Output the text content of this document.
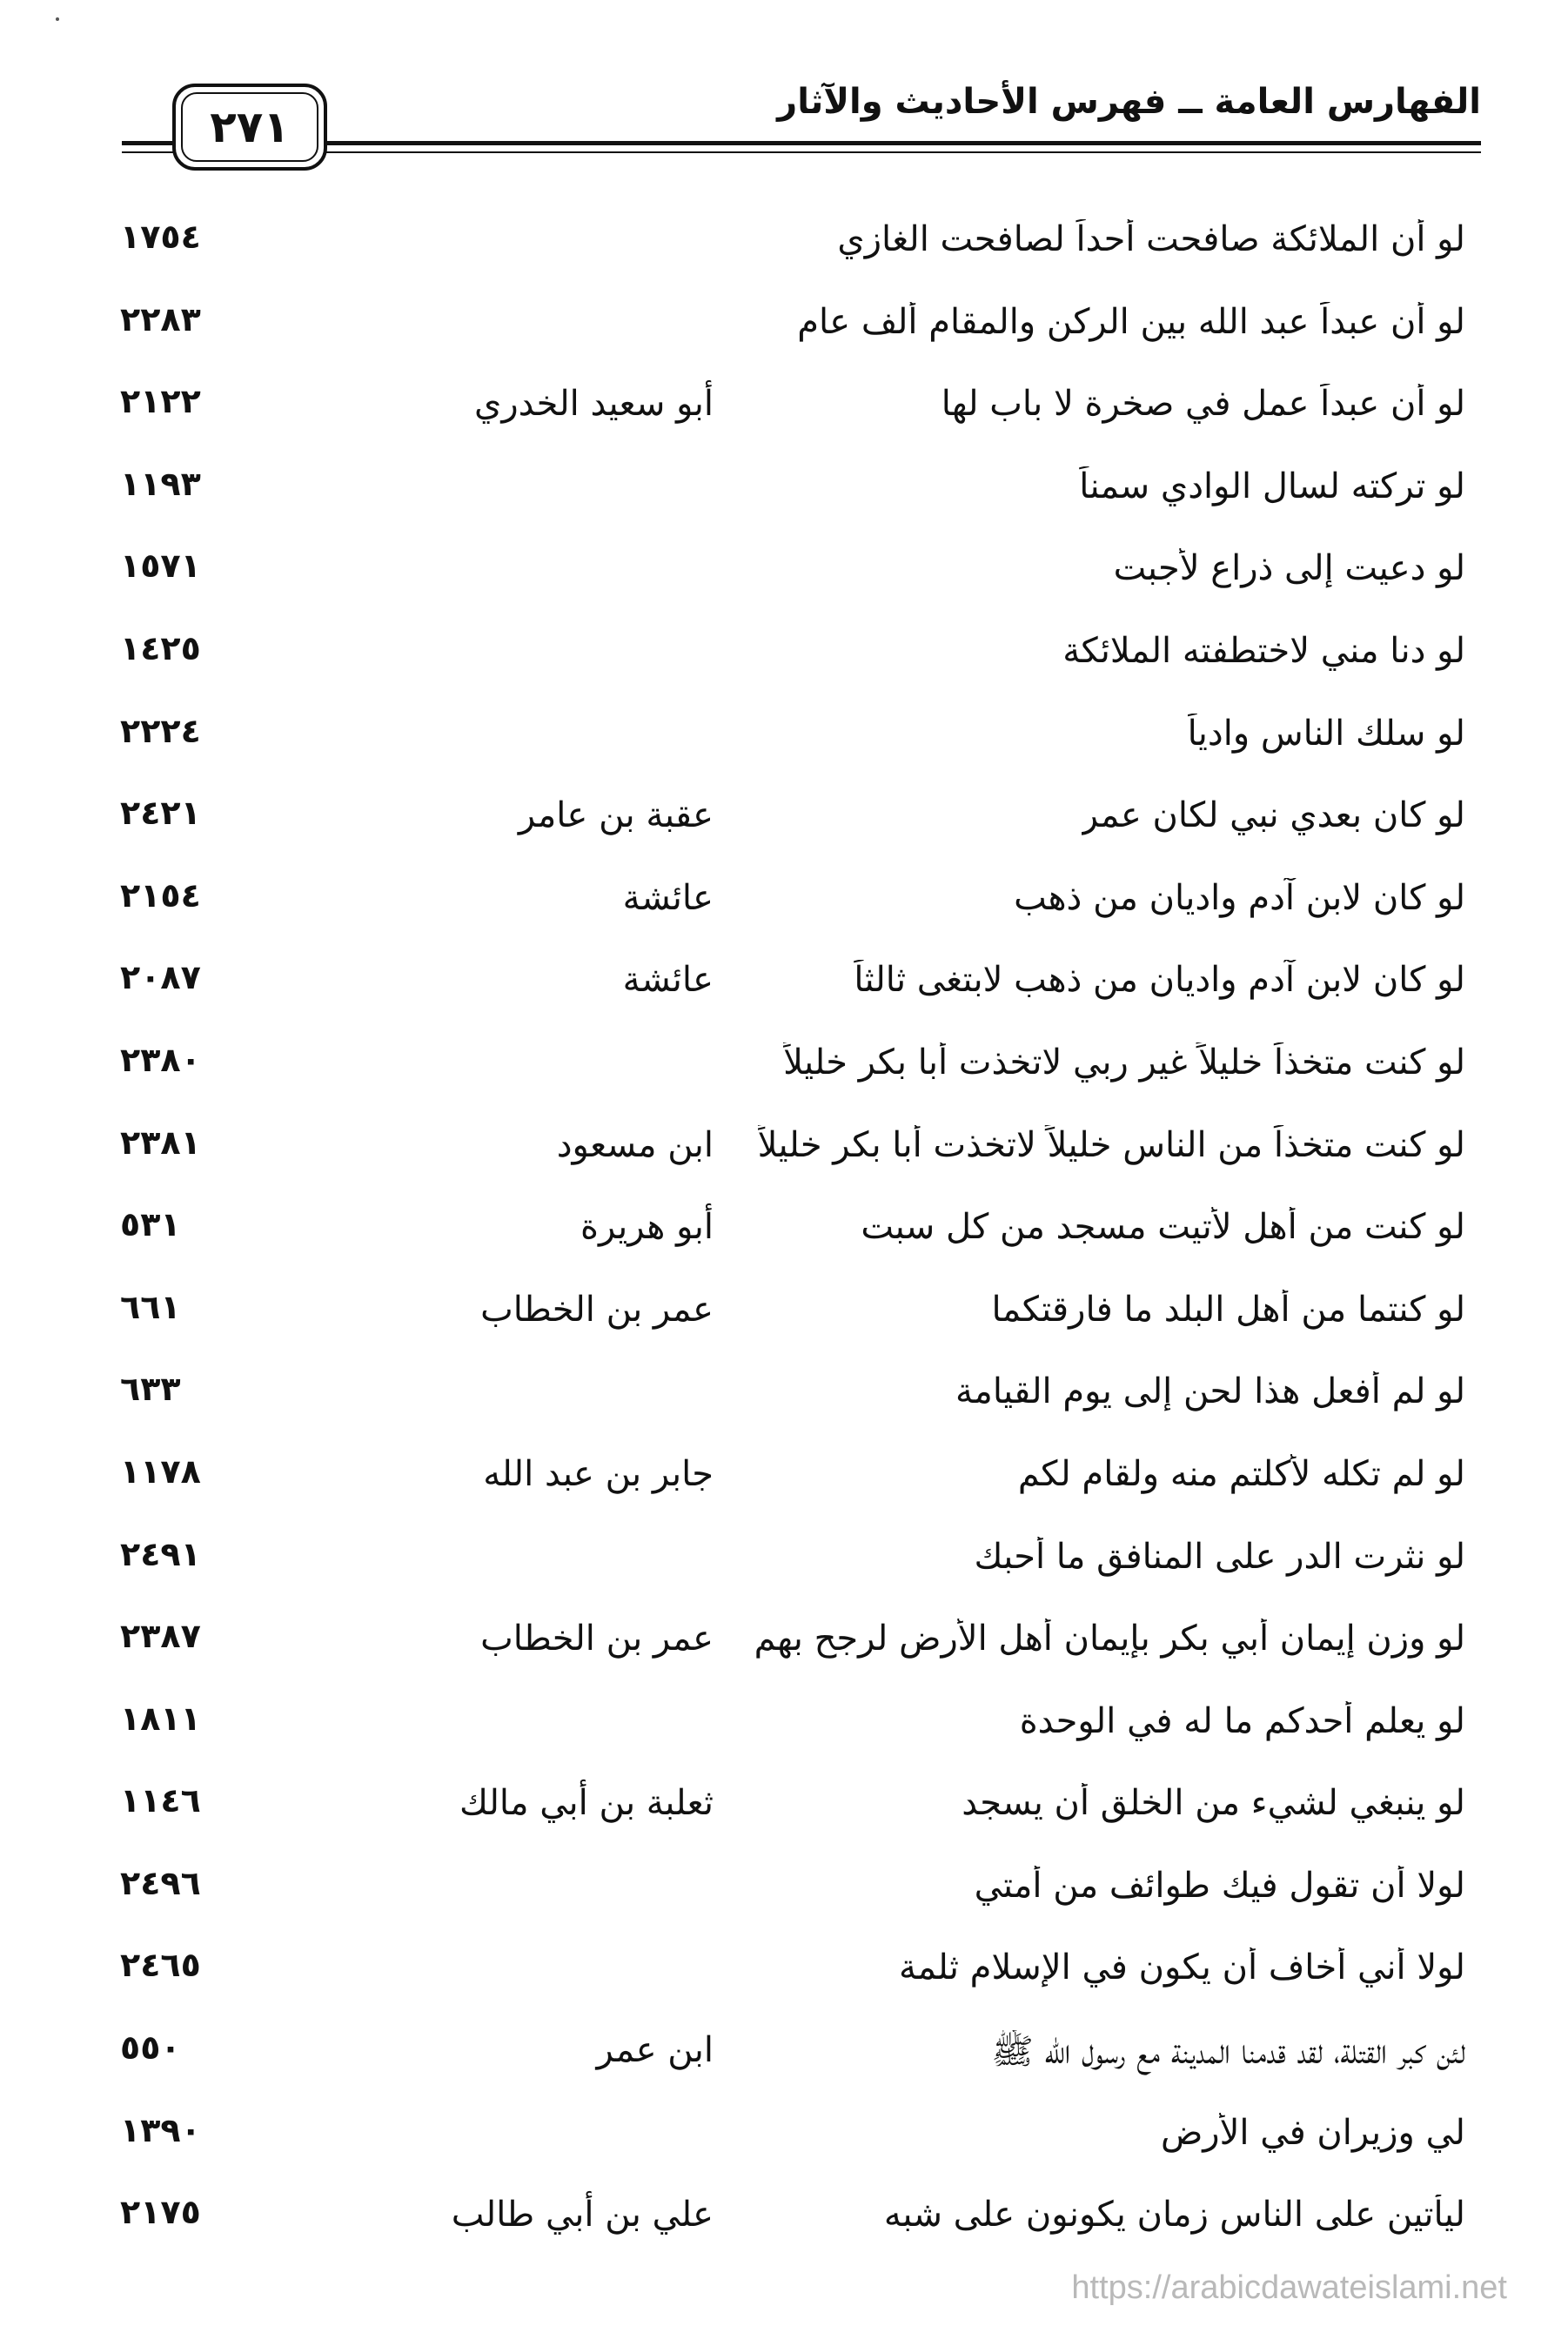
٢٧١	الفهارس العامة ــ فهرس الأحاديث والآثار
لو أن الملائكة صافحت أحداً لصافحت الغازي
١٧٥٤
لو أن عبداً عبد الله بين الركن والمقام ألف عام
٢٢٨٣
لو أن عبداً عمل في صخرة لا باب لها
أبو سعيد الخدري
٢١٢٢
لو تركته لسال الوادي سمناً
١١٩٣
لو دعيت إلى ذراع لأجبت
١٥٧١
لو دنا مني لاختطفته الملائكة
١٤٢٥
لو سلك الناس وادياً
٢٢٢٤
لو كان بعدي نبي لكان عمر
عقبة بن عامر
٢٤٢١
لو كان لابن آدم واديان من ذهب
عائشة
٢١٥٤
لو كان لابن آدم واديان من ذهب لابتغى ثالثاً
عائشة
٢٠٨٧
لو كنت متخذاً خليلاً غير ربي لاتخذت أبا بكر خليلاً
٢٣٨٠
لو كنت متخذاً من الناس خليلاً لاتخذت أبا بكر خليلاً
ابن مسعود
٢٣٨١
لو كنت من أهل لأتيت مسجد من كل سبت
أبو هريرة
٥٣١
لو كنتما من أهل البلد ما فارقتكما
عمر بن الخطاب
٦٦١
لو لم أفعل هذا لحن إلى يوم القيامة
٦٣٣
لو لم تكله لأكلتم منه ولقام لكم
جابر بن عبد الله
١١٧٨
لو نثرت الدر على المنافق ما أحبك
٢٤٩١
لو وزن إيمان أبي بكر بإيمان أهل الأرض لرجح بهم
عمر بن الخطاب
٢٣٨٧
لو يعلم أحدكم ما له في الوحدة
١٨١١
لو ينبغي لشيء من الخلق أن يسجد
ثعلبة بن أبي مالك
١١٤٦
لولا أن تقول فيك طوائف من أمتي
٢٤٩٦
لولا أني أخاف أن يكون في الإسلام ثلمة
٢٤٦٥
لئن كبر القتلة، لقد قدمنا المدينة مع رسول الله ﷺ
ابن عمر
٥٥٠
لي وزيران في الأرض
١٣٩٠
ليأتين على الناس زمان يكونون على شبه
علي بن أبي طالب
٢١٧٥
https://arabicdawateislami.net
